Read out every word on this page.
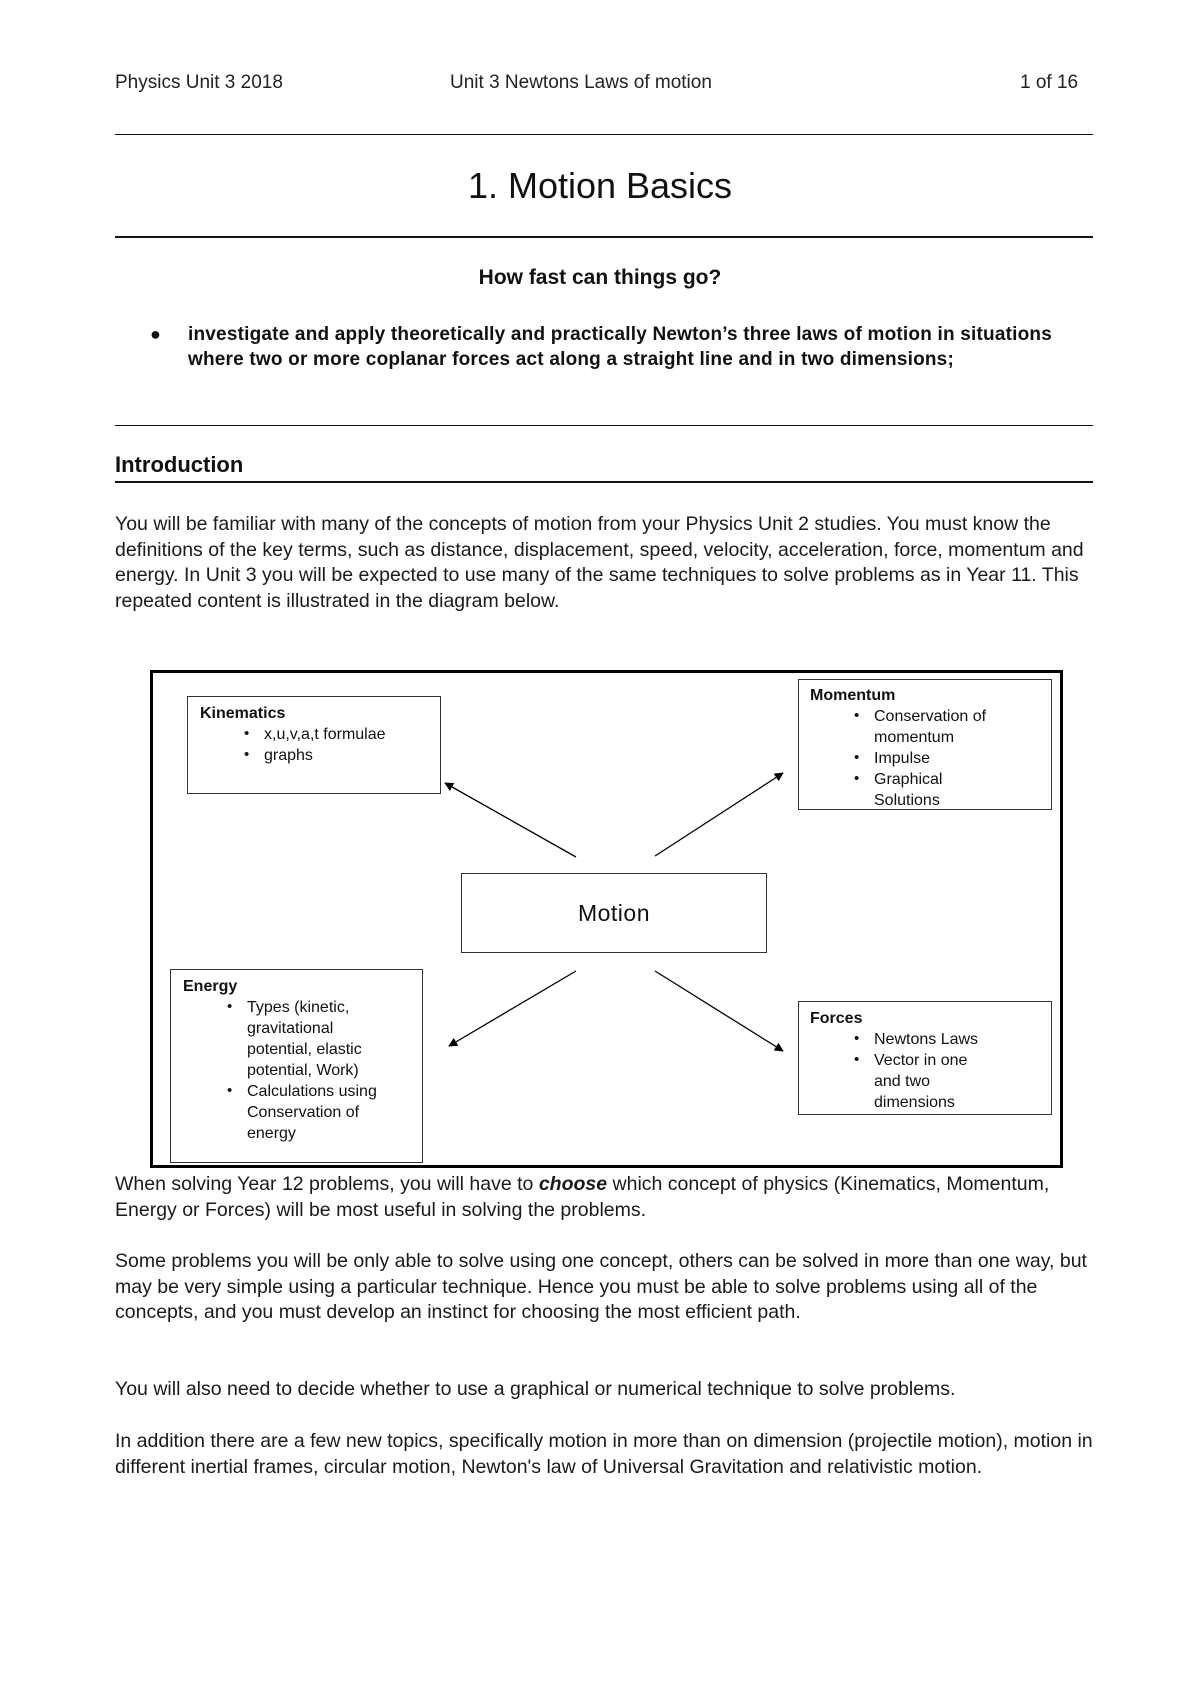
Physics Unit 3 2018	Unit 3 Newtons Laws of motion	1 of 16
1. Motion Basics
How fast can things go?
● investigate and apply theoretically and practically Newton’s three laws of motion in situations where two or more coplanar forces act along a straight line and in two dimensions;
Introduction
You will be familiar with many of the concepts of motion from your Physics Unit 2 studies. You must know the definitions of the key terms, such as distance, displacement, speed, velocity, acceleration, force, momentum and energy. In Unit 3 you will be expected to use many of the same techniques to solve problems as in Year 11. This repeated content is illustrated in the diagram below.
Kinematics
• x,u,v,a,t formulae
• graphs
Momentum
• Conservation of momentum
• Impulse
• Graphical Solutions
Motion
Energy
• Types (kinetic, gravitational potential, elastic potential, Work)
• Calculations using Conservation of energy
Forces
• Newtons Laws
• Vector in one and two dimensions
When solving Year 12 problems, you will have to choose which concept of physics (Kinematics, Momentum, Energy or Forces) will be most useful in solving the problems.
Some problems you will be only able to solve using one concept, others can be solved in more than one way, but may be very simple using a particular technique. Hence you must be able to solve problems using all of the concepts, and you must develop an instinct for choosing the most efficient path.
You will also need to decide whether to use a graphical or numerical technique to solve problems.
In addition there are a few new topics, specifically motion in more than on dimension (projectile motion), motion in different inertial frames, circular motion, Newton's law of Universal Gravitation and relativistic motion.
